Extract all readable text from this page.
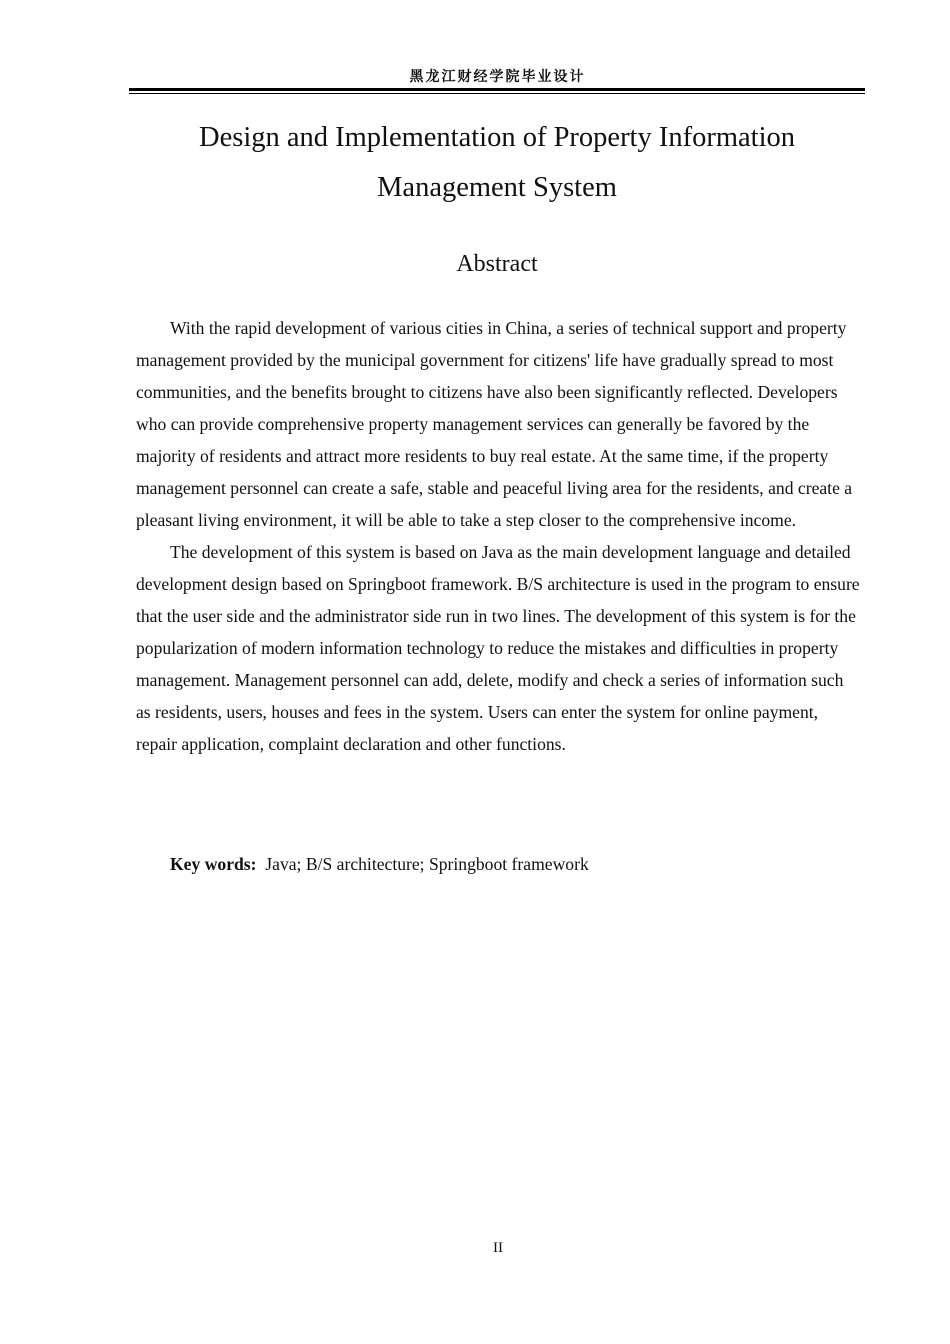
黑龙江财经学院毕业设计
Design and Implementation of Property Information
Management System
Abstract

With the rapid development of various cities in China, a series of technical support and property management provided by the municipal government for citizens' life have gradually spread to most communities, and the benefits brought to citizens have also been significantly reflected. Developers who can provide comprehensive property management services can generally be favored by the majority of residents and attract more residents to buy real estate. At the same time, if the property management personnel can create a safe, stable and peaceful living area for the residents, and create a pleasant living environment, it will be able to take a step closer to the comprehensive income.

The development of this system is based on Java as the main development language and detailed development design based on Springboot framework. B/S architecture is used in the program to ensure that the user side and the administrator side run in two lines. The development of this system is for the popularization of modern information technology to reduce the mistakes and difficulties in property management. Management personnel can add, delete, modify and check a series of information such as residents, users, houses and fees in the system. Users can enter the system for online payment, repair application, complaint declaration and other functions.

Key words: Java; B/S architecture; Springboot framework
II
